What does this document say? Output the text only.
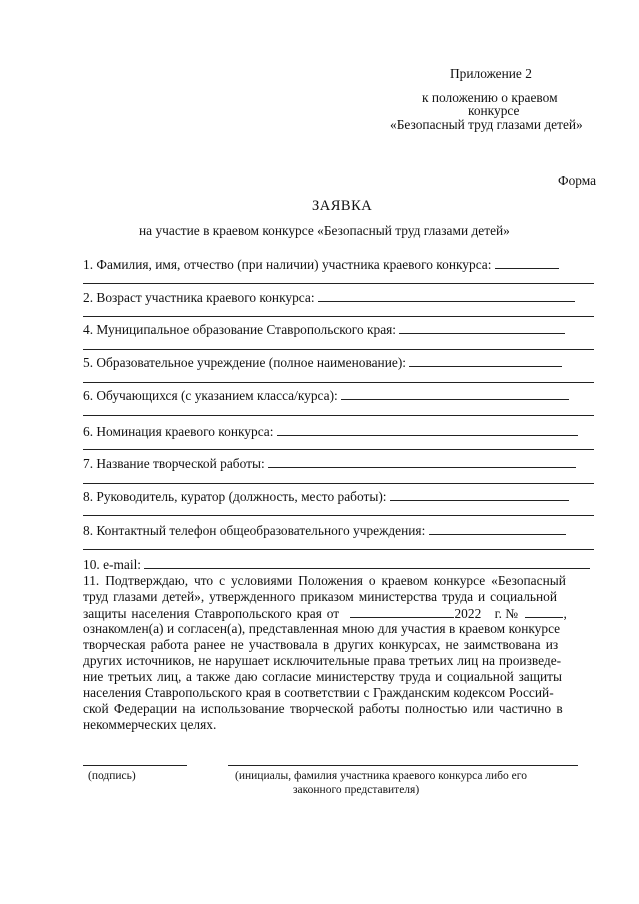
Приложение 2
к положению о краевом
конкурсе
«Безопасный труд глазами детей»
Форма
ЗАЯВКА
на участие в краевом конкурсе «Безопасный труд глазами детей»
1. Фамилия, имя, отчество (при наличии) участника краевого конкурса:
2. Возраст участника краевого конкурса:
4. Муниципальное образование Ставропольского края:
5. Образовательное учреждение (полное наименование):
6. Обучающихся (с указанием класса/курса):
6. Номинация краевого конкурса:
7. Название творческой работы:
8. Руководитель, куратор (должность, место работы):
8. Контактный телефон общеобразовательного учреждения:
10. e-mail:
11. Подтверждаю, что с условиями Положения о краевом конкурсе «Безопасный
труд глазами детей», утвержденного приказом министерства труда и социальной
защиты населения Ставропольского края от	2022 г. №	,
ознакомлен(а) и согласен(а), представленная мною для участия в краевом конкурсе
творческая работа ранее не участвовала в других конкурсах, не заимствована из
других источников, не нарушает исключительные права третьих лиц на произведе-
ние третьих лиц, а также даю согласие министерству труда и социальной защиты
населения Ставропольского края в соответствии с Гражданским кодексом Россий-
ской Федерации на использование творческой работы полностью или частично в
некоммерческих целях.
(подпись)	(инициалы, фамилия участника краевого конкурса либо его
законного представителя)
